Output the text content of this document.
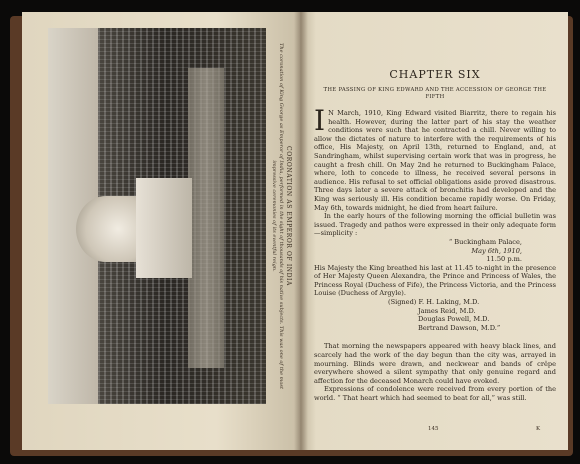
CORONATION AS EMPEROR OF INDIA
The coronation of King George as Emperor of India, performed in the sight of thousands of his native subjects. This was one of the most impressive ceremonies of its eventful reign.
CHAPTER SIX
THE PASSING OF KING EDWARD AND THE ACCESSION OF GEORGE THE FIFTH

I N March, 1910, King Edward visited Biarritz, there to regain his health. However, during the latter part of his stay the weather conditions were such that he contracted a chill. Never willing to allow the dictates of nature to interfere with the requirements of his office, His Majesty, on April 13th, returned to England, and, at Sandringham, whilst supervising certain work that was in progress, he caught a fresh chill. On May 2nd he returned to Buckingham Palace, where, loth to concede to illness, he received several persons in audience. His refusal to set official obligations aside proved disastrous. Three days later a severe attack of bronchitis had developed and the King was seriously ill. His condition became rapidly worse. On Friday, May 6th, towards midnight, he died from heart failure.

In the early hours of the following morning the official bulletin was issued. Tragedy and pathos were expressed in their only adequate form—simplicity :

“ Buckingham Palace,

May 6th, 1910,

11.50 p.m.

His Majesty the King breathed his last at 11.45 to-night in the presence of Her Majesty Queen Alexandra, the Prince and Princess of Wales, the Princess Royal (Duchess of Fife), the Princess Victoria, and the Princess Louise (Duchess of Argyle).

(Signed) F. H. Laking, M.D.

James Reid, M.D.

Douglas Powell, M.D.

Bertrand Dawson, M.D.”

That morning the newspapers appeared with heavy black lines, and scarcely had the work of the day begun than the city was, arrayed in mourning. Blinds were drawn, and neckwear and bands of crêpe everywhere showed a silent sympathy that only genuine regard and affection for the deceased Monarch could have evoked.

Expressions of condolence were received from every portion of the world. “ That heart which had seemed to beat for all,” was still.

145	K
